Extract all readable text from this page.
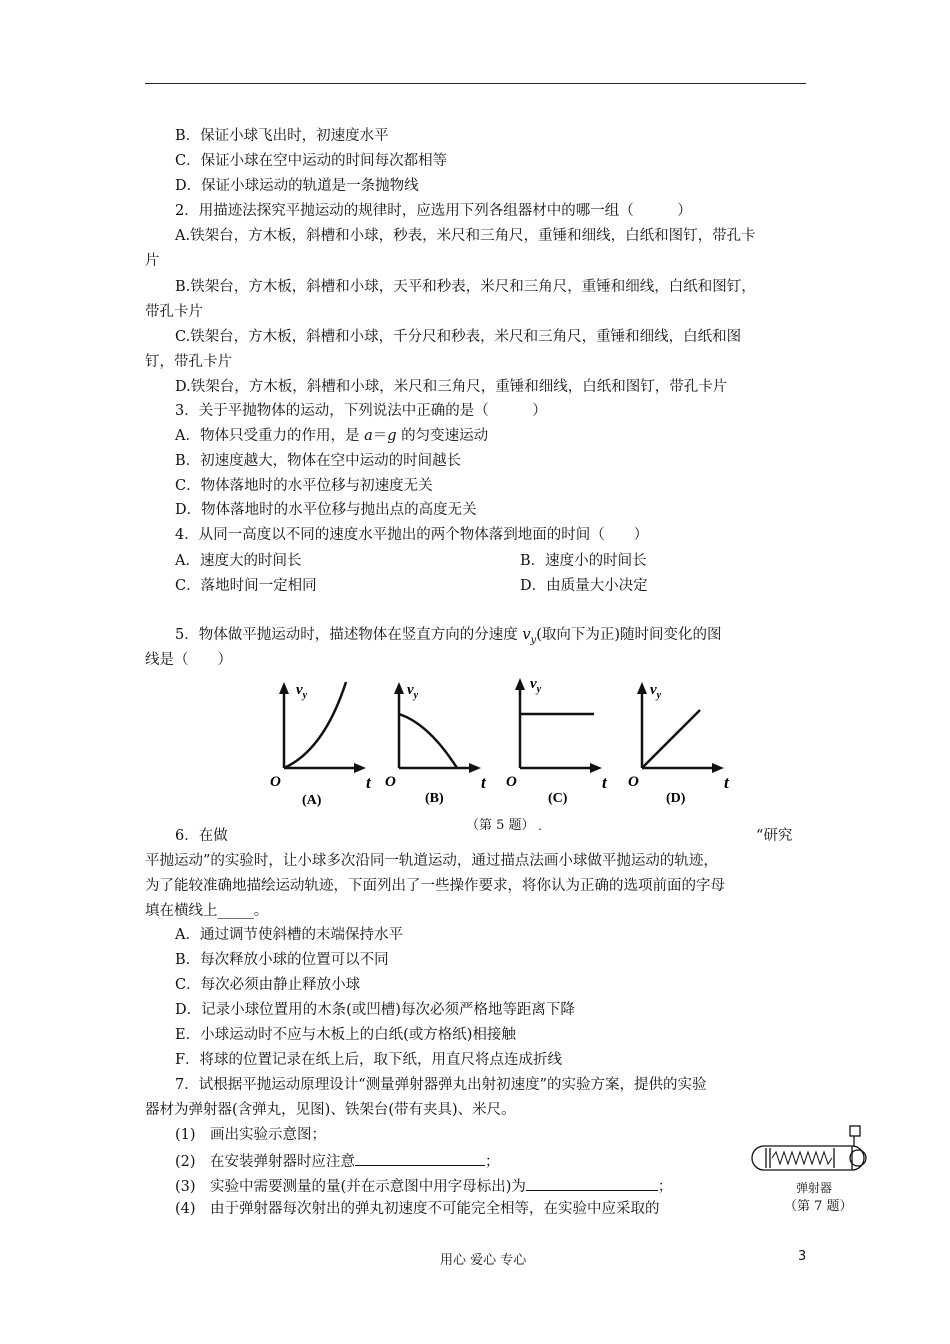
B．保证小球飞出时，初速度水平
C．保证小球在空中运动的时间每次都相等
D．保证小球运动的轨道是一条抛物线
2．用描迹法探究平抛运动的规律时，应选用下列各组器材中的哪一组（　　　）
A.铁架台，方木板，斜槽和小球，秒表，米尺和三角尺，重锤和细线，白纸和图钉，带孔卡
片
B.铁架台，方木板，斜槽和小球，天平和秒表，米尺和三角尺，重锤和细线，白纸和图钉，
带孔卡片
C.铁架台，方木板，斜槽和小球，千分尺和秒表，米尺和三角尺，重锤和细线，白纸和图
钉，带孔卡片
D.铁架台，方木板，斜槽和小球，米尺和三角尺，重锤和细线，白纸和图钉，带孔卡片
3．关于平抛物体的运动，下列说法中正确的是（　　　）
A．物体只受重力的作用，是 a＝g 的匀变速运动
B．初速度越大，物体在空中运动的时间越长
C．物体落地时的水平位移与初速度无关
D．物体落地时的水平位移与抛出点的高度无关
4．从同一高度以不同的速度水平抛出的两个物体落到地面的时间（　　）
A．速度大的时间长	B．速度小的时间长
C．落地时间一定相同	D．由质量大小决定
5．物体做平抛运动时，描述物体在竖直方向的分速度 $v_y$(取向下为正)随时间变化的图
线是（　　）
$v_y$
O	t
(A)
$v_y$
O	t
(B)
$v_y$
O	t
(C)
$v_y$
O	t
(D)
（第 5 题） .
6．在做	“研究
平抛运动”的实验时，让小球多次沿同一轨道运动，通过描点法画小球做平抛运动的轨迹，
为了能较准确地描绘运动轨迹，下面列出了一些操作要求，将你认为正确的选项前面的字母
填在横线上_____。
A．通过调节使斜槽的末端保持水平
B．每次释放小球的位置可以不同
C．每次必须由静止释放小球
D．记录小球位置用的木条(或凹槽)每次必须严格地等距离下降
E．小球运动时不应与木板上的白纸(或方格纸)相接触
F．将球的位置记录在纸上后，取下纸，用直尺将点连成折线
7．试根据平抛运动原理设计“测量弹射器弹丸出射初速度”的实验方案，提供的实验
器材为弹射器(含弹丸，见图)、铁架台(带有夹具)、米尺。
(1)　画出实验示意图；
(2)　在安装弹射器时应注意	；
(3)　实验中需要测量的量(并在示意图中用字母标出)为	；
(4)　由于弹射器每次射出的弹丸初速度不可能完全相等，在实验中应采取的
弹射器
（第 7 题）
用心 爱心 专心	3
